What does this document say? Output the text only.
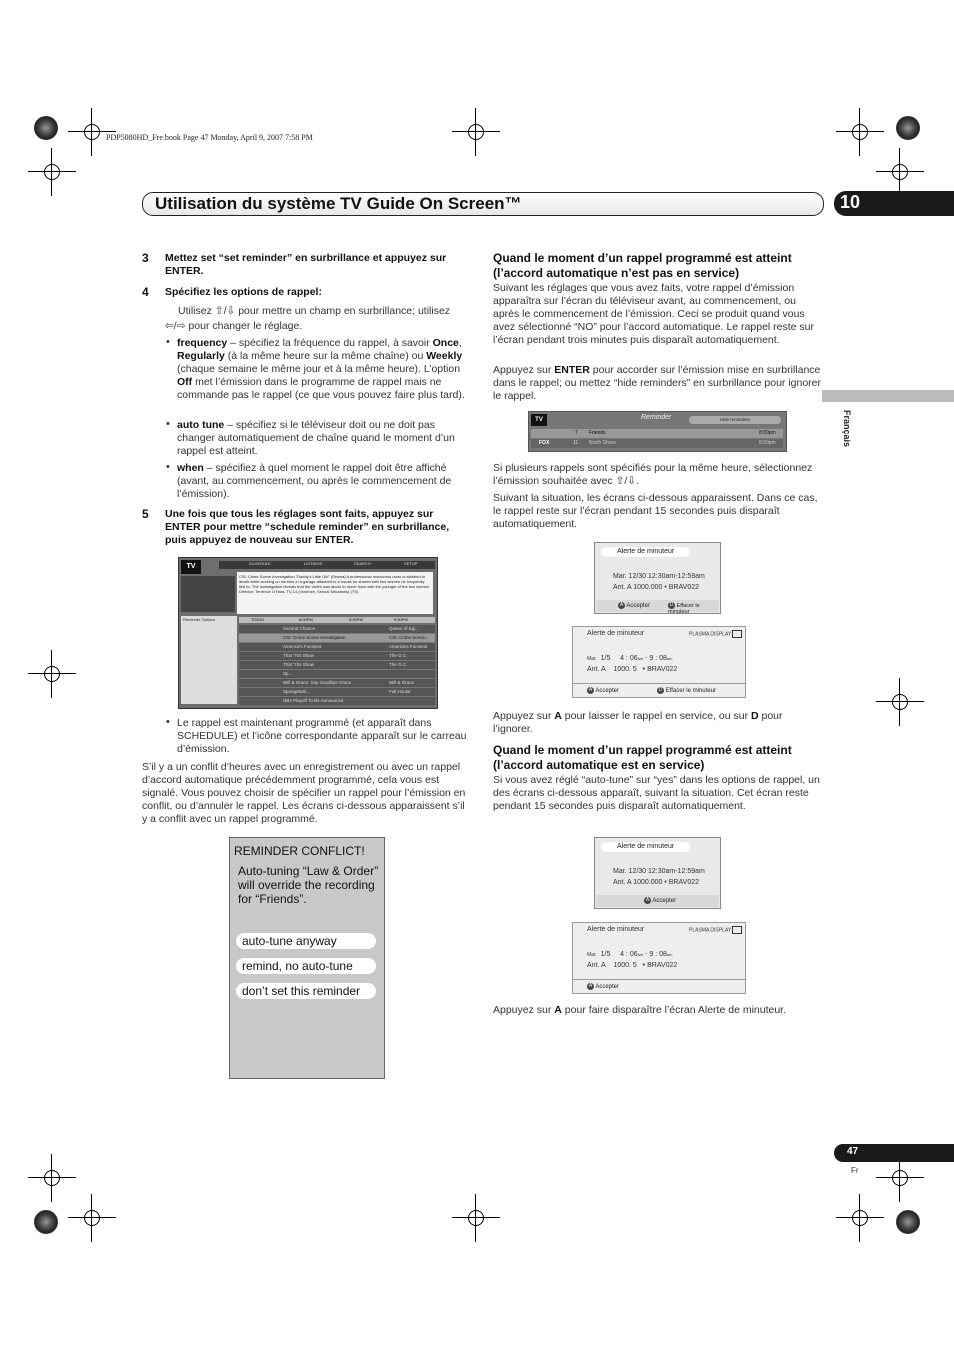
PDP5080HD_Fre.book Page 47 Monday, April 9, 2007 7:58 PM
Utilisation du système TV Guide On Screen™	10
Français
3 Mettez set “set reminder” en surbrillance et appuyez sur ENTER.
4 Spécifiez les options de rappel:
Utilisez ⇧/⇩ pour mettre un champ en surbrillance; utilisez
⇦/⇨ pour changer le réglage.
• frequency – spécifiez la fréquence du rappel, à savoir Once, Regularly (à la même heure sur la même chaîne) ou Weekly (chaque semaine le même jour et à la même heure). L’option Off met l’émission dans le programme de rappel mais ne commande pas le rappel (ce que vous pouvez faire plus tard).
• auto tune – spécifiez si le téléviseur doit ou ne doit pas changer automatiquement de chaîne quand le moment d’un rappel est atteint.
• when – spécifiez à quel moment le rappel doit être affiché (avant, au commencement, ou après le commencement de l’émission).
5 Une fois que tous les réglages sont faits, appuyez sur ENTER pour mettre “schedule reminder” en surbrillance, puis appuyez de nouveau sur ENTER.
TV	SCHEDULE	LISTINGS	SEARCH	SETUP
CSI: Crime Scene Investigation "Daddy's Little Girl" (Drama) A professional motocross racer is stabbed to death while working on his bike in a garage attached to a house he shared with two women he frequently lied to. The investigation reveals that the victim was about to move town with the younger of the two women. Director: Terrence O'Hara. TV-14 (Violence, Sexual Situations) (TS)
Reminder Options	TODAY	8:00PM	8:30PM	9:00PM
Second Chance	Queen of Egi...
CSI: Crime Scene Investigation	CSI: Crime Scene...
America's Funniest	America's Funniest
That '70s Show	The O.C.
That '70s Show	The O.C.
Sp...
Will & Grace: Say Goodbye Grace	Will & Grace
Spongebob...	Full House
NBA Playoff To Be Announced
• Le rappel est maintenant programmé (et apparaît dans SCHEDULE) et l’icône correspondante apparaît sur le carreau d’émission.
S’il y a un conflit d’heures avec un enregistrement ou avec un rappel d’accord automatique précédemment programmé, cela vous est signalé. Vous pouvez choisir de spécifier un rappel pour l’émission en conflit, ou d’annuler le rappel. Les écrans ci-dessous apparaissent s’il y a conflit avec un rappel programmé.
REMINDER CONFLICT!
Auto-tuning “Law & Order” will override the recording for “Friends”.
auto-tune anyway
remind, no auto-tune
don’t set this reminder
Quand le moment d’un rappel programmé est atteint (l’accord automatique n’est pas en service)
Suivant les réglages que vous avez faits, votre rappel d’émission apparaîtra sur l’écran du téléviseur avant, au commencement, ou après le commencement de l’émission. Ceci se produit quand vous avez sélectionné “NO” pour l’accord automatique. Le rappel reste sur l’écran pendant trois minutes puis disparaît automatiquement.
Appuyez sur ENTER pour accorder sur l’émission mise en surbrillance dans le rappel; ou mettez “hide reminders” en surbrillance pour ignorer le rappel.
TV	Reminder	Hide reminders
7 Friends	8:00pm
FOX	11 North Shore	8:00pm
Si plusieurs rappels sont spécifiés pour la même heure, sélectionnez l’émission souhaitée avec ⇧/⇩.
Suivant la situation, les écrans ci-dessous apparaissent. Dans ce cas, le rappel reste sur l’écran pendant 15 secondes puis disparaît automatiquement.
Alerte de minuteur
Mar. 12/30 12:30am-12:59am
Ant. A 1000.000 • BRAV022
A Accepter	D Effacer le minuteur
Alerte de minuteur	PLASMA DISPLAY
Mar. 1/5 4 : 06am - 9 : 08am
Ant. A 1000. 5 • BRAV022
A Accepter	D Effacer le minuteur
Appuyez sur A pour laisser le rappel en service, ou sur D pour l’ignorer.
Quand le moment d’un rappel programmé est atteint (l’accord automatique est en service)
Si vous avez réglé “auto-tune” sur “yes” dans les options de rappel, un des écrans ci-dessous apparaît, suivant la situation. Cet écran reste pendant 15 secondes puis disparaît automatiquement.
Alerte de minuteur
Mar. 12/30 12:30am-12:59am
Ant. A 1000.000 • BRAV022
A Accepter
Alerte de minuteur	PLASMA DISPLAY
Mar. 1/5 4 : 06am - 9 : 08am
Ant. A 1000. 5 • BRAV022
A Accepter
Appuyez sur A pour faire disparaître l’écran Alerte de minuteur.
47
Fr
